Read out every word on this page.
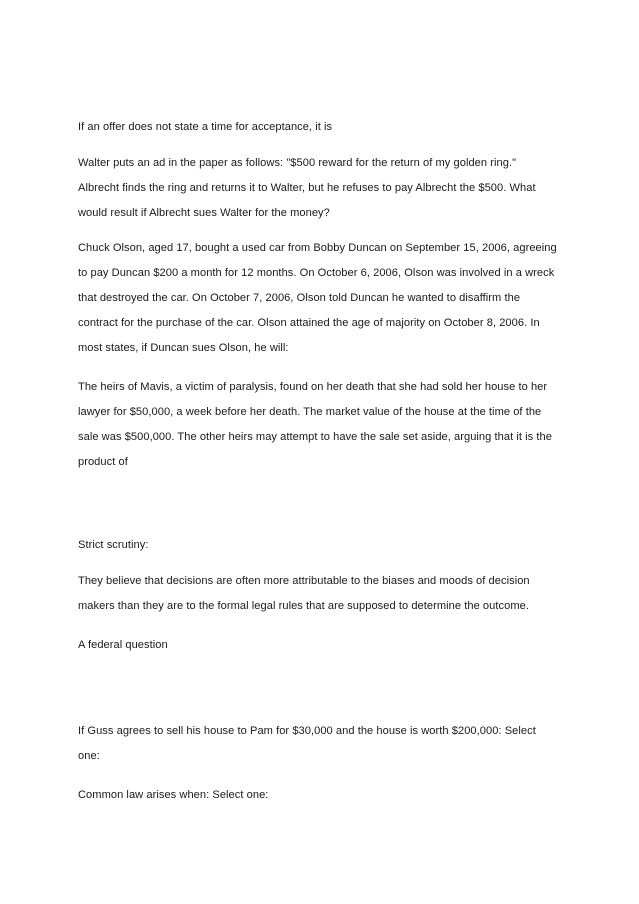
If an offer does not state a time for acceptance, it is

Walter puts an ad in the paper as follows: "$500 reward for the return of my golden ring."
Albrecht finds the ring and returns it to Walter, but he refuses to pay Albrecht the $500. What
would result if Albrecht sues Walter for the money?

Chuck Olson, aged 17, bought a used car from Bobby Duncan on September 15, 2006, agreeing
to pay Duncan $200 a month for 12 months. On October 6, 2006, Olson was involved in a wreck
that destroyed the car. On October 7, 2006, Olson told Duncan he wanted to disaffirm the
contract for the purchase of the car. Olson attained the age of majority on October 8, 2006. In
most states, if Duncan sues Olson, he will:

The heirs of Mavis, a victim of paralysis, found on her death that she had sold her house to her
lawyer for $50,000, a week before her death. The market value of the house at the time of the
sale was $500,000. The other heirs may attempt to have the sale set aside, arguing that it is the
product of

Strict scrutiny:

They believe that decisions are often more attributable to the biases and moods of decision
makers than they are to the formal legal rules that are supposed to determine the outcome.

A federal question

If Guss agrees to sell his house to Pam for $30,000 and the house is worth $200,000: Select
one:

Common law arises when: Select one:
